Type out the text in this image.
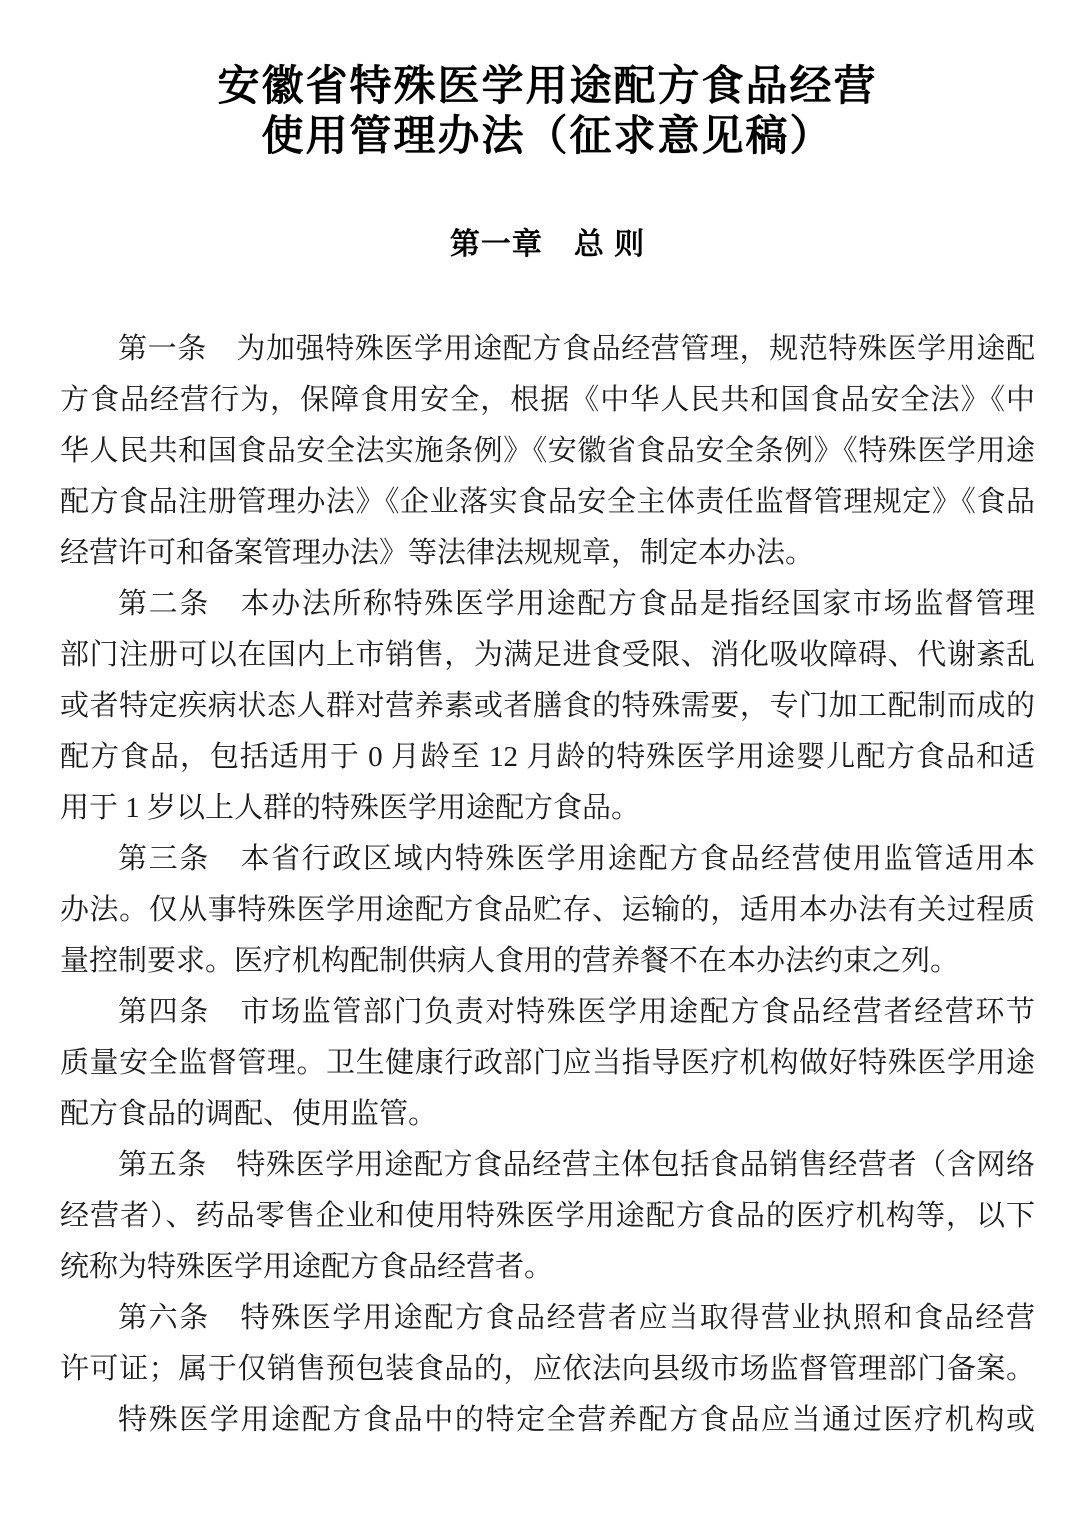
安徽省特殊医学用途配方食品经营
使用管理办法（征求意见稿）
第一章　总 则
第一条　为加强特殊医学用途配方食品经营管理，规范特殊医学用途配
方食品经营行为，保障食用安全，根据《中华人民共和国食品安全法》《中
华人民共和国食品安全法实施条例》《安徽省食品安全条例》《特殊医学用途
配方食品注册管理办法》《企业落实食品安全主体责任监督管理规定》《食品
经营许可和备案管理办法》等法律法规规章，制定本办法。
第二条　本办法所称特殊医学用途配方食品是指经国家市场监督管理
部门注册可以在国内上市销售，为满足进食受限、消化吸收障碍、代谢紊乱
或者特定疾病状态人群对营养素或者膳食的特殊需要，专门加工配制而成的
配方食品，包括适用于 0 月龄至 12 月龄的特殊医学用途婴儿配方食品和适
用于 1 岁以上人群的特殊医学用途配方食品。
第三条　本省行政区域内特殊医学用途配方食品经营使用监管适用本
办法。仅从事特殊医学用途配方食品贮存、运输的，适用本办法有关过程质
量控制要求。医疗机构配制供病人食用的营养餐不在本办法约束之列。
第四条　市场监管部门负责对特殊医学用途配方食品经营者经营环节
质量安全监督管理。卫生健康行政部门应当指导医疗机构做好特殊医学用途
配方食品的调配、使用监管。
第五条　特殊医学用途配方食品经营主体包括食品销售经营者（含网络
经营者）、药品零售企业和使用特殊医学用途配方食品的医疗机构等，以下
统称为特殊医学用途配方食品经营者。
第六条　特殊医学用途配方食品经营者应当取得营业执照和食品经营
许可证；属于仅销售预包装食品的，应依法向县级市场监督管理部门备案。
特殊医学用途配方食品中的特定全营养配方食品应当通过医疗机构或
